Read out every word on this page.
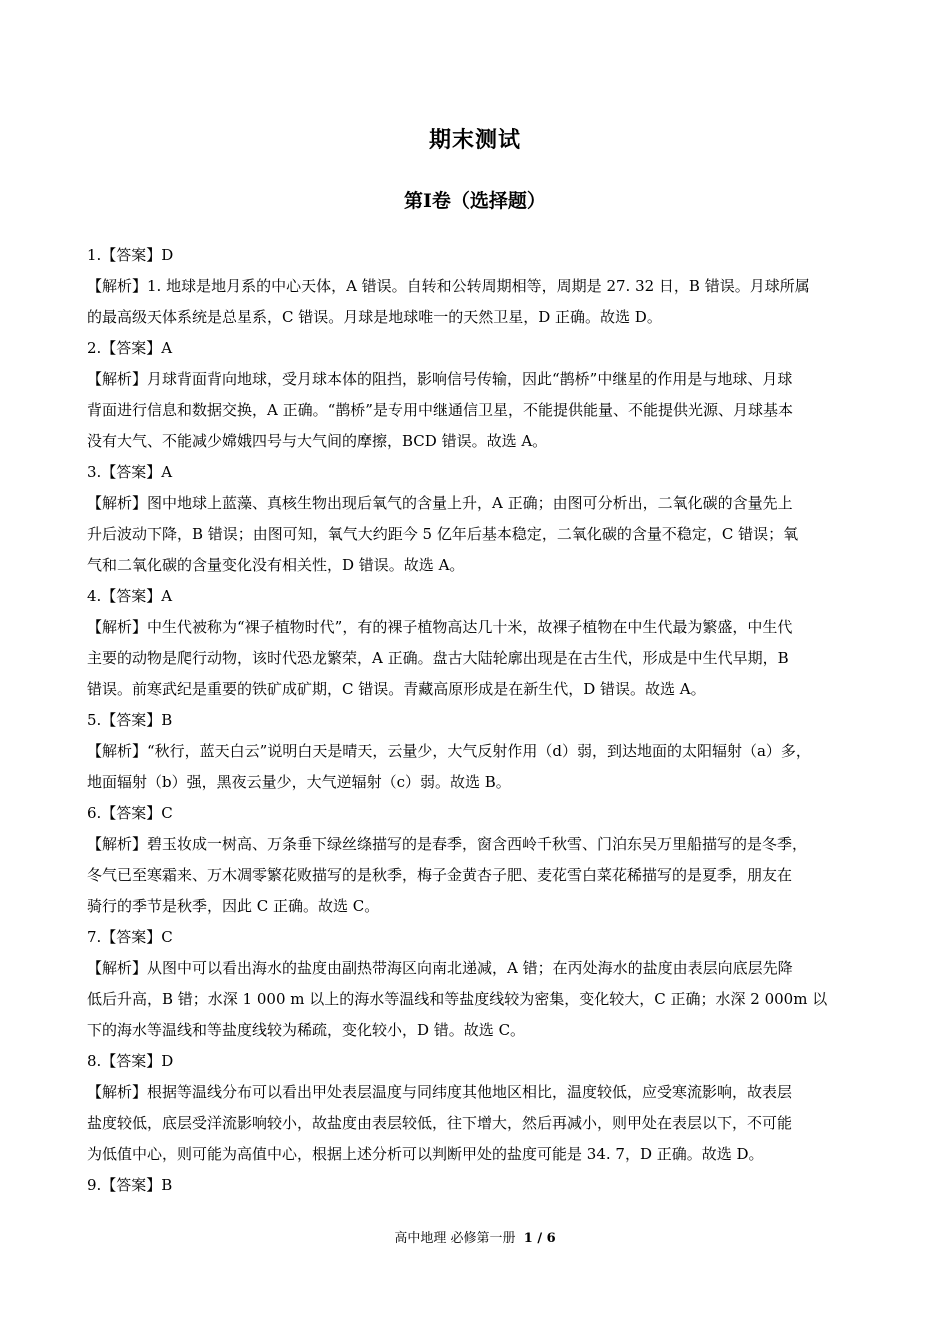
期末测试
第Ⅰ卷（选择题）
1.【答案】D
【解析】1. 地球是地月系的中心天体，A 错误。自转和公转周期相等，周期是 27. 32 日，B 错误。月球所属
的最高级天体系统是总星系，C 错误。月球是地球唯一的天然卫星，D 正确。故选 D。
2.【答案】A
【解析】月球背面背向地球，受月球本体的阻挡，影响信号传输，因此“鹊桥”中继星的作用是与地球、月球
背面进行信息和数据交换，A 正确。“鹊桥”是专用中继通信卫星，不能提供能量、不能提供光源、月球基本
没有大气、不能减少嫦娥四号与大气间的摩擦，BCD 错误。故选 A。
3.【答案】A
【解析】图中地球上蓝藻、真核生物出现后氧气的含量上升，A 正确；由图可分析出，二氧化碳的含量先上
升后波动下降，B 错误；由图可知，氧气大约距今 5 亿年后基本稳定，二氧化碳的含量不稳定，C 错误；氧
气和二氧化碳的含量变化没有相关性，D 错误。故选 A。
4.【答案】A
【解析】中生代被称为“裸子植物时代”，有的裸子植物高达几十米，故裸子植物在中生代最为繁盛，中生代
主要的动物是爬行动物，该时代恐龙繁荣，A 正确。盘古大陆轮廓出现是在古生代，形成是中生代早期，B
错误。前寒武纪是重要的铁矿成矿期，C 错误。青藏高原形成是在新生代，D 错误。故选 A。
5.【答案】B
【解析】“秋行，蓝天白云”说明白天是晴天，云量少，大气反射作用（d）弱，到达地面的太阳辐射（a）多，
地面辐射（b）强，黑夜云量少，大气逆辐射（c）弱。故选 B。
6.【答案】C
【解析】碧玉妆成一树高、万条垂下绿丝绦描写的是春季，窗含西岭千秋雪、门泊东吴万里船描写的是冬季，
冬气已至寒霜来、万木凋零繁花败描写的是秋季，梅子金黄杏子肥、麦花雪白菜花稀描写的是夏季，朋友在
骑行的季节是秋季，因此 C 正确。故选 C。
7.【答案】C
【解析】从图中可以看出海水的盐度由副热带海区向南北递减，A 错；在丙处海水的盐度由表层向底层先降
低后升高，B 错；水深 1 000 m 以上的海水等温线和等盐度线较为密集，变化较大，C 正确；水深 2 000m 以
下的海水等温线和等盐度线较为稀疏，变化较小，D 错。故选 C。
8.【答案】D
【解析】根据等温线分布可以看出甲处表层温度与同纬度其他地区相比，温度较低，应受寒流影响，故表层
盐度较低，底层受洋流影响较小，故盐度由表层较低，往下增大，然后再减小，则甲处在表层以下，不可能
为低值中心，则可能为高值中心，根据上述分析可以判断甲处的盐度可能是 34. 7，D 正确。故选 D。
9.【答案】B
高中地理 必修第一册 1 / 6
